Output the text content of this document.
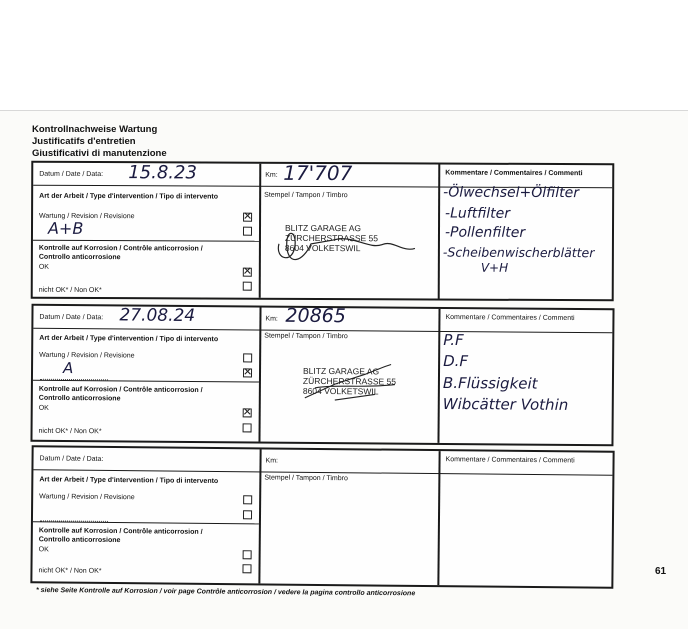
Kontrollnachweise Wartung
Justificatifs d'entretien
Giustificativi di manutenzione
Datum / Date / Data: 15.8.23	Km: 17'707	Kommentare / Commentaires / Commenti
Art der Arbeit / Type d'intervention / Tipo di intervento	Stempel / Tampon / Timbro
Wartung / Revision / Revisione
A+B
✕
Kontrolle auf Korrosion / Contrôle anticorrosion /
Controllo anticorrosione
OK
✕
nicht OK* / Non OK*
BLITZ GARAGE AG
ZÜRCHERSTRASSE 55
8604 VOLKETSWIL
-Ölwechsel+Ölfilter
-Luftfilter
-Pollenfilter
-Scheibenwischerblätter
V+H
Datum / Date / Data: 27.08.24	Km: 20865	Kommentare / Commentaires / Commenti
Art der Arbeit / Type d'intervention / Tipo di intervento	Stempel / Tampon / Timbro
Wartung / Revision / Revisione
A
✕
Kontrolle auf Korrosion / Contrôle anticorrosion /
Controllo anticorrosione
OK
✕
nicht OK* / Non OK*
BLITZ GARAGE AG
ZÜRCHERSTRASSE 55
8604 VOLKETSWIL
P.F
D.F
B.Flüssigkeit
Wibcätter Vothin
Datum / Date / Data:	Km:	Kommentare / Commentaires / Commenti
Art der Arbeit / Type d'intervention / Tipo di intervento	Stempel / Tampon / Timbro
Wartung / Revision / Revisione
Kontrolle auf Korrosion / Contrôle anticorrosion /
Controllo anticorrosione
OK
nicht OK* / Non OK*	61
* siehe Seite Kontrolle auf Korrosion / voir page Contrôle anticorrosion / vedere la pagina controllo anticorrosione
